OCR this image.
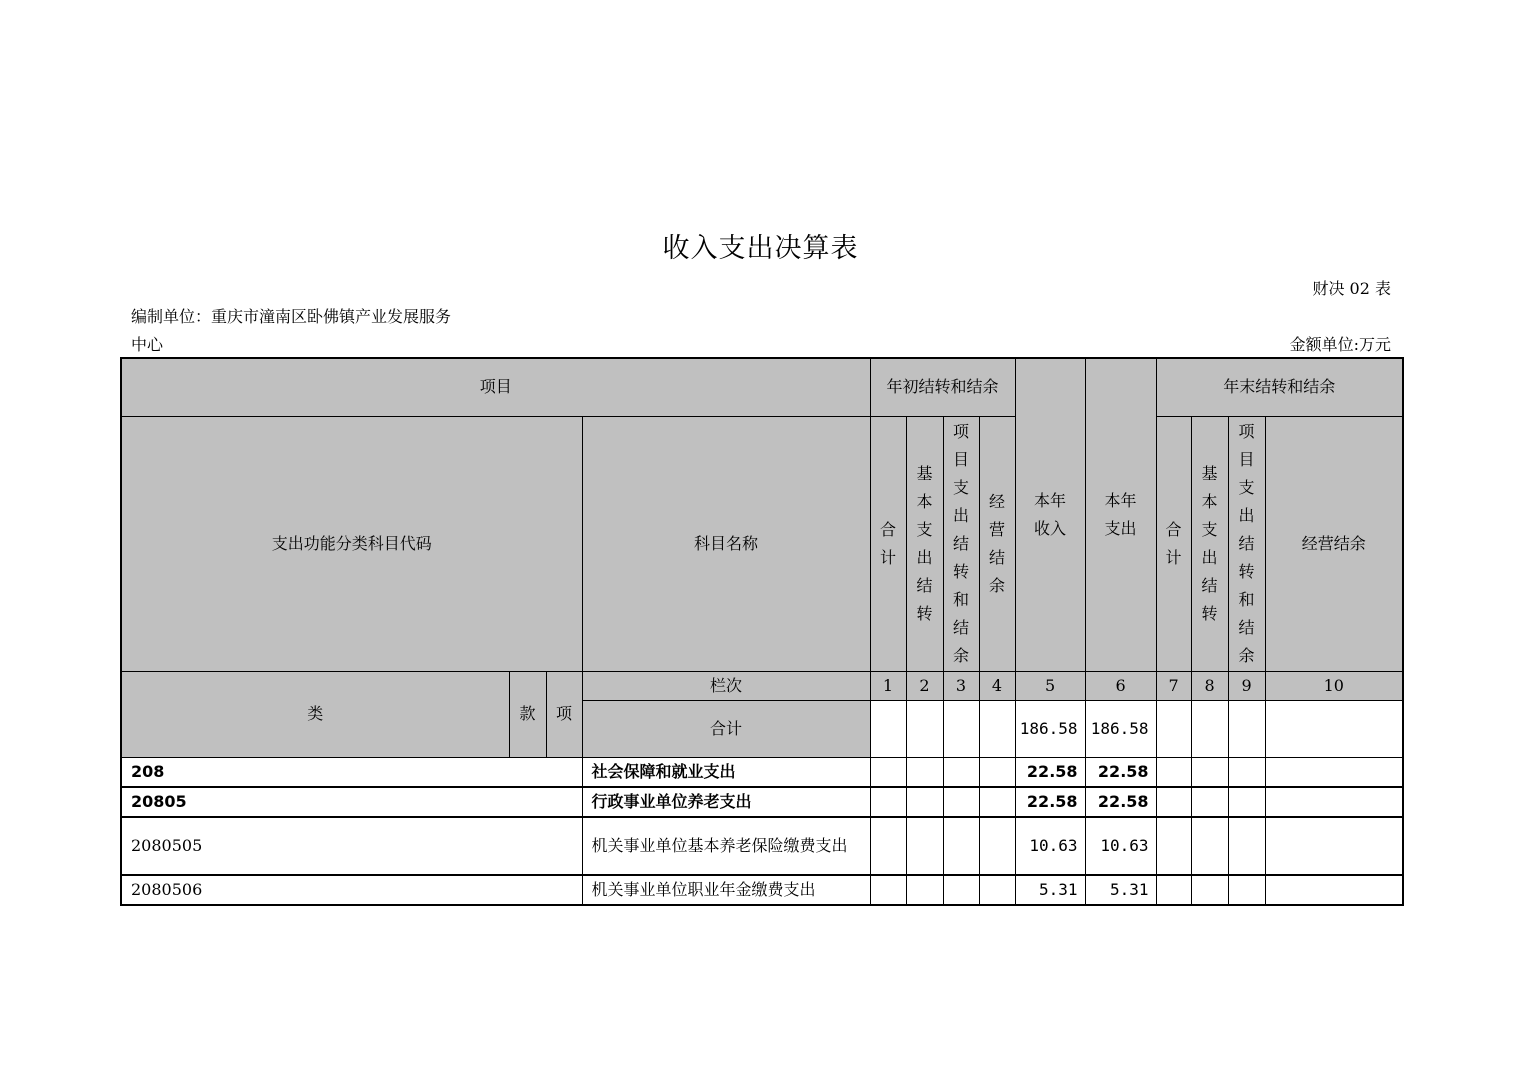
收入支出决算表
财决 02 表
编制单位：重庆市潼南区卧佛镇产业发展服务
中心	金额单位:万元
项目				年初结转和结余				本年收入	本年支出	年末结转和结余			
支出功能分类科目代码			科目名称	合计	基本支出结转	项目支出结转和结余	经营结余			合计	基本支出结转	项目支出结转和结余	经营结余
类	款	项	栏次	1	2	3	4	5	6	7	8	9	10
			合计					186.58	186.58				

208			社会保障和就业支出					22.58	22.58				
20805			行政事业单位养老支出					22.58	22.58				
2080505			机关事业单位基本养老保险缴费支出					10.63	10.63				
2080506			机关事业单位职业年金缴费支出					5.31	5.31				
